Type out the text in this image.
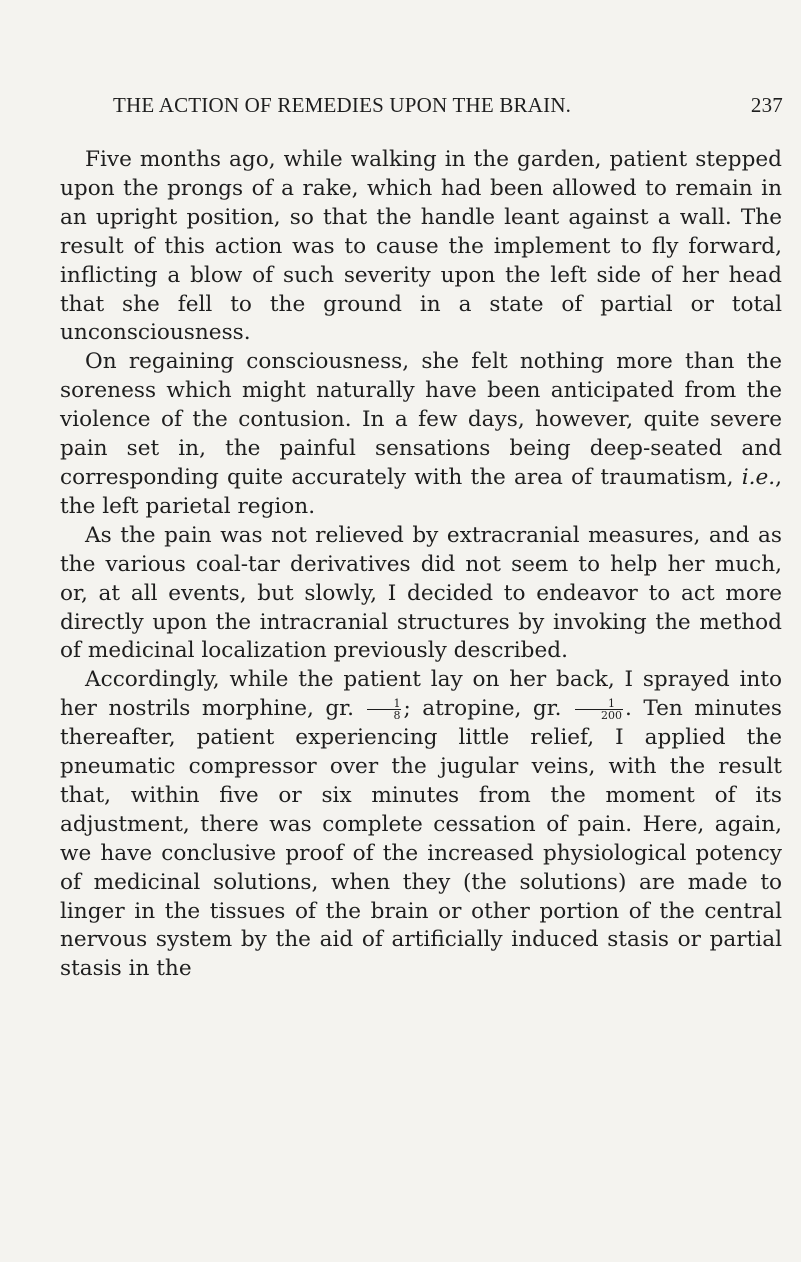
THE ACTION OF REMEDIES UPON THE BRAIN.	237

Five months ago, while walking in the garden, patient stepped upon the prongs of a rake, which had been allowed to remain in an upright position, so that the handle leant against a wall. The result of this action was to cause the implement to fly forward, inflicting a blow of such severity upon the left side of her head that she fell to the ground in a state of partial or total unconsciousness.

On regaining consciousness, she felt nothing more than the soreness which might naturally have been anticipated from the violence of the contusion. In a few days, however, quite severe pain set in, the painful sensations being deep-seated and corresponding quite accurately with the area of traumatism, i.e., the left parietal region.

As the pain was not relieved by extracranial measures, and as the various coal-tar derivatives did not seem to help her much, or, at all events, but slowly, I decided to endeavor to act more directly upon the intracranial structures by invoking the method of medicinal localization previously described.

Accordingly, while the patient lay on her back, I sprayed into her nostrils morphine, gr. $\frac{1}{8}$ ; atropine, gr. $\frac{1}{200}$ . Ten minutes thereafter, patient experiencing little relief, I applied the pneumatic compressor over the jugular veins, with the result that, within five or six minutes from the moment of its adjustment, there was complete cessation of pain. Here, again, we have conclusive proof of the increased physiological potency of medicinal solutions, when they (the solutions) are made to linger in the tissues of the brain or other portion of the central nervous system by the aid of artificially induced stasis or partial stasis in the
